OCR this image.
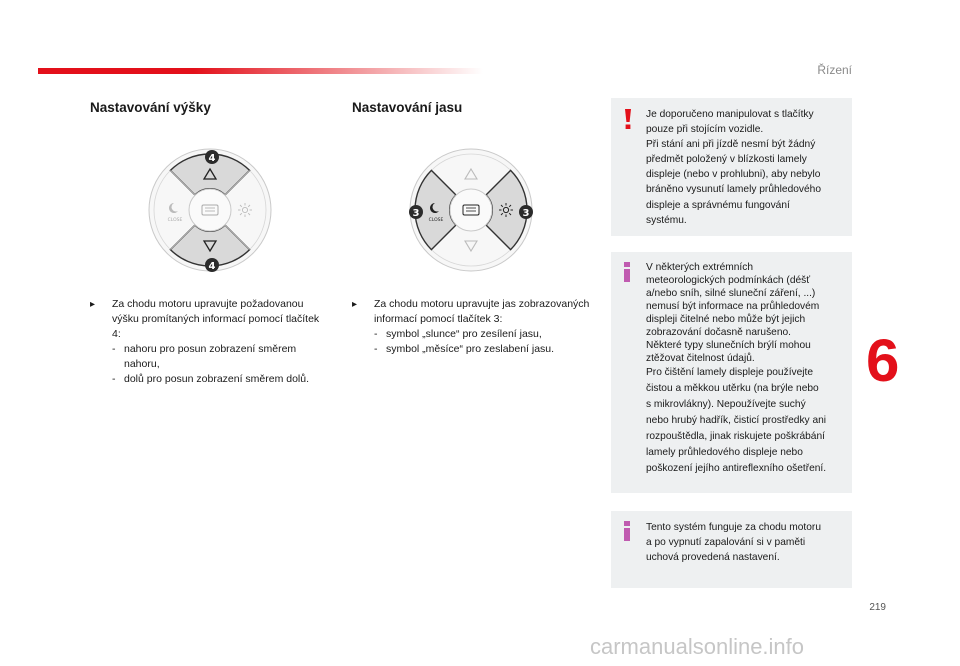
Řízení
Nastavování výšky
CLOSE
4
4
▸	Za chodu motoru upravujte požadovanou výšku promítaných informací pomocí tlačítek 4:
- nahoru pro posun zobrazení směrem nahoru,
- dolů pro posun zobrazení směrem dolů.
Nastavování jasu
CLOSE
3	3
▸	Za chodu motoru upravujte jas zobrazovaných informací pomocí tlačítek 3:
- symbol „slunce“ pro zesílení jasu,
- symbol „měsíce“ pro zeslabení jasu.

Je doporučeno manipulovat s tlačítky

pouze při stojícím vozidle.

Při stání ani při jízdě nesmí být žádný

předmět položený v blízkosti lamely

displeje (nebo v prohlubni), aby nebylo

bráněno vysunutí lamely průhledového

displeje a správnému fungování

systému.

V některých extrémních

meteorologických podmínkách (déšť

a/nebo sníh, silné sluneční záření, ...)

nemusí být informace na průhledovém

displeji čitelné nebo může být jejich

zobrazování dočasně narušeno.

Některé typy slunečních brýlí mohou

ztěžovat čitelnost údajů.

Pro čištění lamely displeje používejte

čistou a měkkou utěrku (na brýle nebo

s mikrovlákny). Nepoužívejte suchý

nebo hrubý hadřík, čisticí prostředky ani

rozpouštědla, jinak riskujete poškrábání

lamely průhledového displeje nebo

poškození jejího antireflexního ošetření.

Tento systém funguje za chodu motoru

a po vypnutí zapalování si v paměti

uchová provedená nastavení.

6
219
carmanualsonline.info
